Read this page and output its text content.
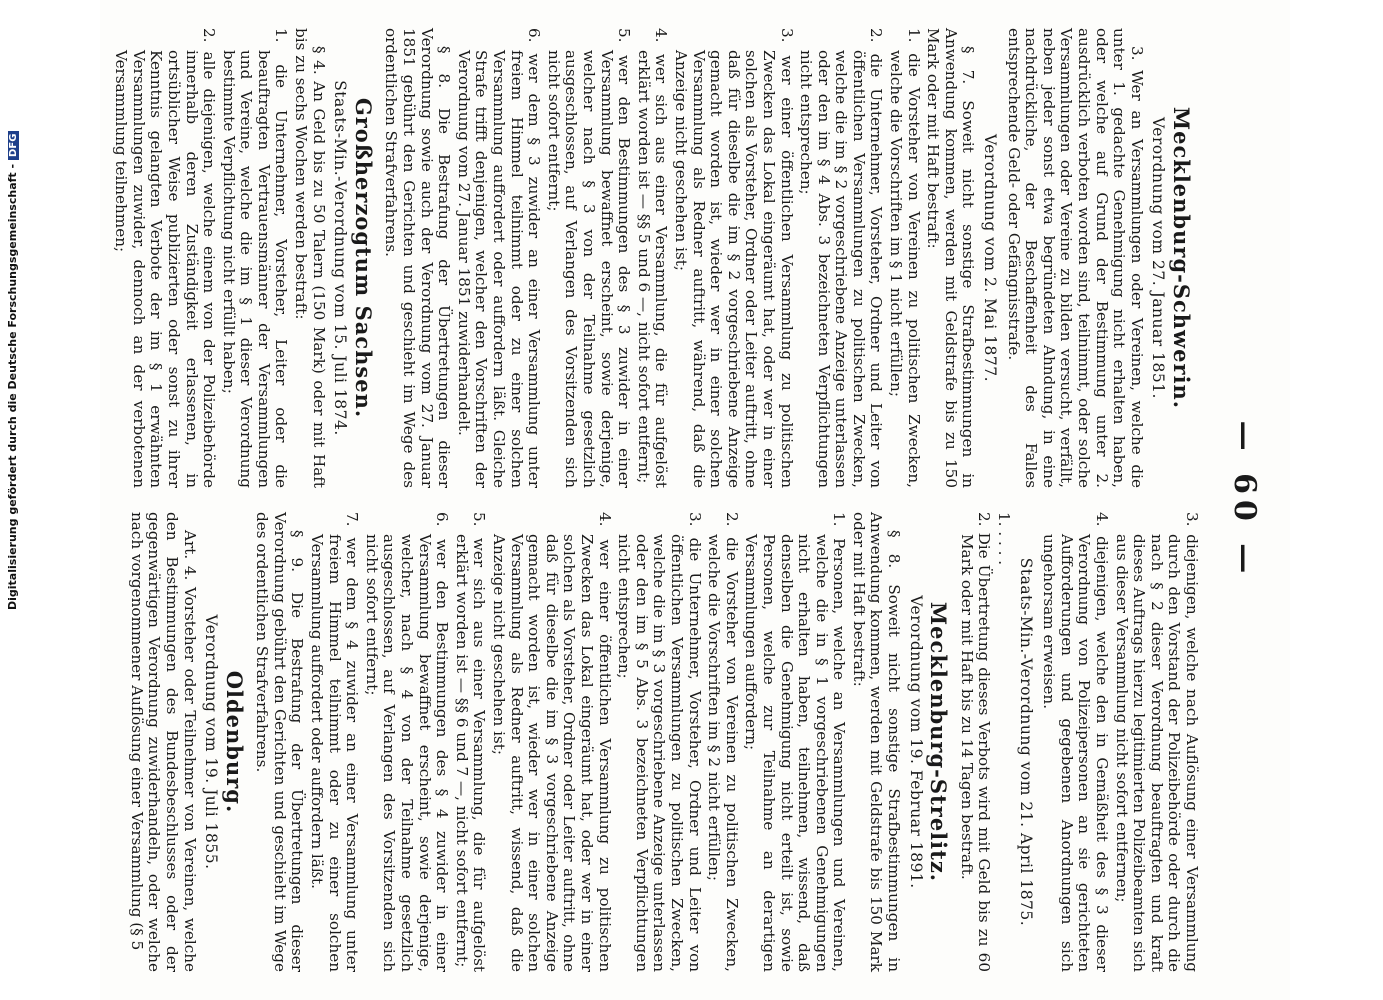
Digitalisierung gefördert durch die Deutsche Forschungsgemeinschaft -DFG
— 60 —
Mecklenburg-Schwerin.
Verordnung vom 27. Januar 1851.

3. Wer an Versammlungen oder Vereinen, welche die unter 1. gedachte Genehmigung nicht erhalten haben, oder welche auf Grund der Bestimmung unter 2. ausdrücklich verboten worden sind, teilnimmt, oder solche Versammlungen oder Vereine zu bilden versucht, verfällt, neben jeder sonst etwa begründeten Ahndung, in eine nachdrückliche, der Beschaffenheit des Falles entsprechende Geld- oder Gefängnisstrafe.

Verordnung vom 2. Mai 1877.

§ 7. Soweit nicht sonstige Strafbestimmungen in Anwendung kommen, werden mit Geldstrafe bis zu 150 Mark oder mit Haft bestraft:

1. die Vorsteher von Vereinen zu politischen Zwecken, welche die Vorschriften im § 1 nicht erfüllen;
2. die Unternehmer, Vorsteher, Ordner und Leiter von öffentlichen Versammlungen zu politischen Zwecken, welche die im § 2 vorgeschriebene Anzeige unterlassen oder den im § 4 Abs. 3 bezeichneten Verpflichtungen nicht entsprechen;
3. wer einer öffentlichen Versammlung zu politischen Zwecken das Lokal eingeräumt hat, oder wer in einer solchen als Vorsteher, Ordner oder Leiter auftritt, ohne daß für dieselbe die im § 2 vorgeschriebene Anzeige gemacht worden ist, wieder wer in einer solchen Versammlung als Redner auftritt, während, daß die Anzeige nicht geschehen ist;
4. wer sich aus einer Versammlung, die für aufgelöst erklärt worden ist — §§ 5 und 6 —, nicht sofort entfernt;
5. wer den Bestimmungen des § 3 zuwider in einer Versammlung bewaffnet erscheint, sowie derjenige, welcher nach § 3 von der Teilnahme gesetzlich ausgeschlossen, auf Verlangen des Vorsitzenden sich nicht sofort entfernt;
6. wer dem § 3 zuwider an einer Versammlung unter freiem Himmel teilnimmt oder zu einer solchen Versammlung auffordert oder auffordern läßt. Gleiche Strafe trifft denjenigen, welcher den Vorschriften der Verordnung vom 27. Januar 1851 zuwiderhandelt.

§ 8. Die Bestrafung der Übertretungen dieser Verordnung sowie auch der Verordnung vom 27. Januar 1851 gebührt den Gerichten und geschieht im Wege des ordentlichen Strafverfahrens.

Großherzogtum Sachsen.
Staats-Min.-Verordnung vom 15. Juli 1874.

§ 4. An Geld bis zu 50 Talern (150 Mark) oder mit Haft bis zu sechs Wochen werden bestraft:

1. die Unternehmer, Vorsteher, Leiter oder die beauftragten Vertrauensmänner der Versammlungen und Vereine, welche die im § 1 dieser Verordnung bestimmte Verpflichtung nicht erfüllt haben;
2. alle diejenigen, welche einem von der Polizeibehörde innerhalb deren Zuständigkeit erlassenen, in ortsüblicher Weise publizierten oder sonst zu ihrer Kenntnis gelangten Verbote der im § 1 erwähnten Versammlungen zuwider, dennoch an der verbotenen Versammlung teilnehmen;
3. diejenigen, welche nach Auflösung einer Versammlung durch den Vorstand der Polizeibehörde oder durch die nach § 2 dieser Verordnung beauftragten und kraft dieses Auftrags hierzu legitimierten Polizeibeamten sich aus dieser Versammlung nicht sofort entfernen;
4. diejenigen, welche den in Gemäßheit des § 3 dieser Verordnung von Polizeipersonen an sie gerichteten Aufforderungen und gegebenen Anordnungen sich ungehorsam erweisen.
Staats-Min.-Verordnung vom 21. April 1875.
1. . . . .
2. Die Übertretung dieses Verbots wird mit Geld bis zu 60 Mark oder mit Haft bis zu 14 Tagen bestraft.
Mecklenburg-Strelitz.
Verordnung vom 19. Februar 1891.

§ 8. Soweit nicht sonstige Strafbestimmungen in Anwendung kommen, werden mit Geldstrafe bis 150 Mark oder mit Haft bestraft:

1. Personen, welche an Versammlungen und Vereinen, welche die in § 1 vorgeschriebenen Genehmigungen nicht erhalten haben, teilnehmen, wissend, daß denselben die Genehmigung nicht erteilt ist, sowie Personen, welche zur Teilnahme an derartigen Versammlungen auffordern;
2. die Vorsteher von Vereinen zu politischen Zwecken, welche die Vorschriften im § 2 nicht erfüllen;
3. die Unternehmer, Vorsteher, Ordner und Leiter von öffentlichen Versammlungen zu politischen Zwecken, welche die im § 3 vorgeschriebene Anzeige unterlassen oder den im § 5 Abs. 3 bezeichneten Verpflichtungen nicht entsprechen;
4. wer einer öffentlichen Versammlung zu politischen Zwecken das Lokal eingeräumt hat, oder wer in einer solchen als Vorsteher, Ordner oder Leiter auftritt, ohne daß für dieselbe die im § 3 vorgeschriebene Anzeige gemacht worden ist, wieder wer in einer solchen Versammlung als Redner auftritt, wissend, daß die Anzeige nicht geschehen ist;
5. wer sich aus einer Versammlung, die für aufgelöst erklärt worden ist — §§ 6 und 7 —, nicht sofort entfernt;
6. wer den Bestimmungen des § 4 zuwider in einer Versammlung bewaffnet erscheint, sowie derjenige, welcher, nach § 4 von der Teilnahme gesetzlich ausgeschlossen, auf Verlangen des Vorsitzenden sich nicht sofort entfernt;
7. wer dem § 4 zuwider an einer Versammlung unter freiem Himmel teilnimmt oder zu einer solchen Versammlung auffordert oder auffordern läßt.

§ 9. Die Bestrafung der Übertretungen dieser Verordnung gebührt den Gerichten und geschieht im Wege des ordentlichen Strafverfahrens.

Oldenburg.
Verordnung vom 19. Juli 1855.

Art. 4. Vorsteher oder Teilnehmer von Vereinen, welche den Bestimmungen des Bundesbeschlusses oder der gegenwärtigen Verordnung zuwiderhandeln, oder welche nach vorgenommener Auflösung einer Versammlung (§ 5
